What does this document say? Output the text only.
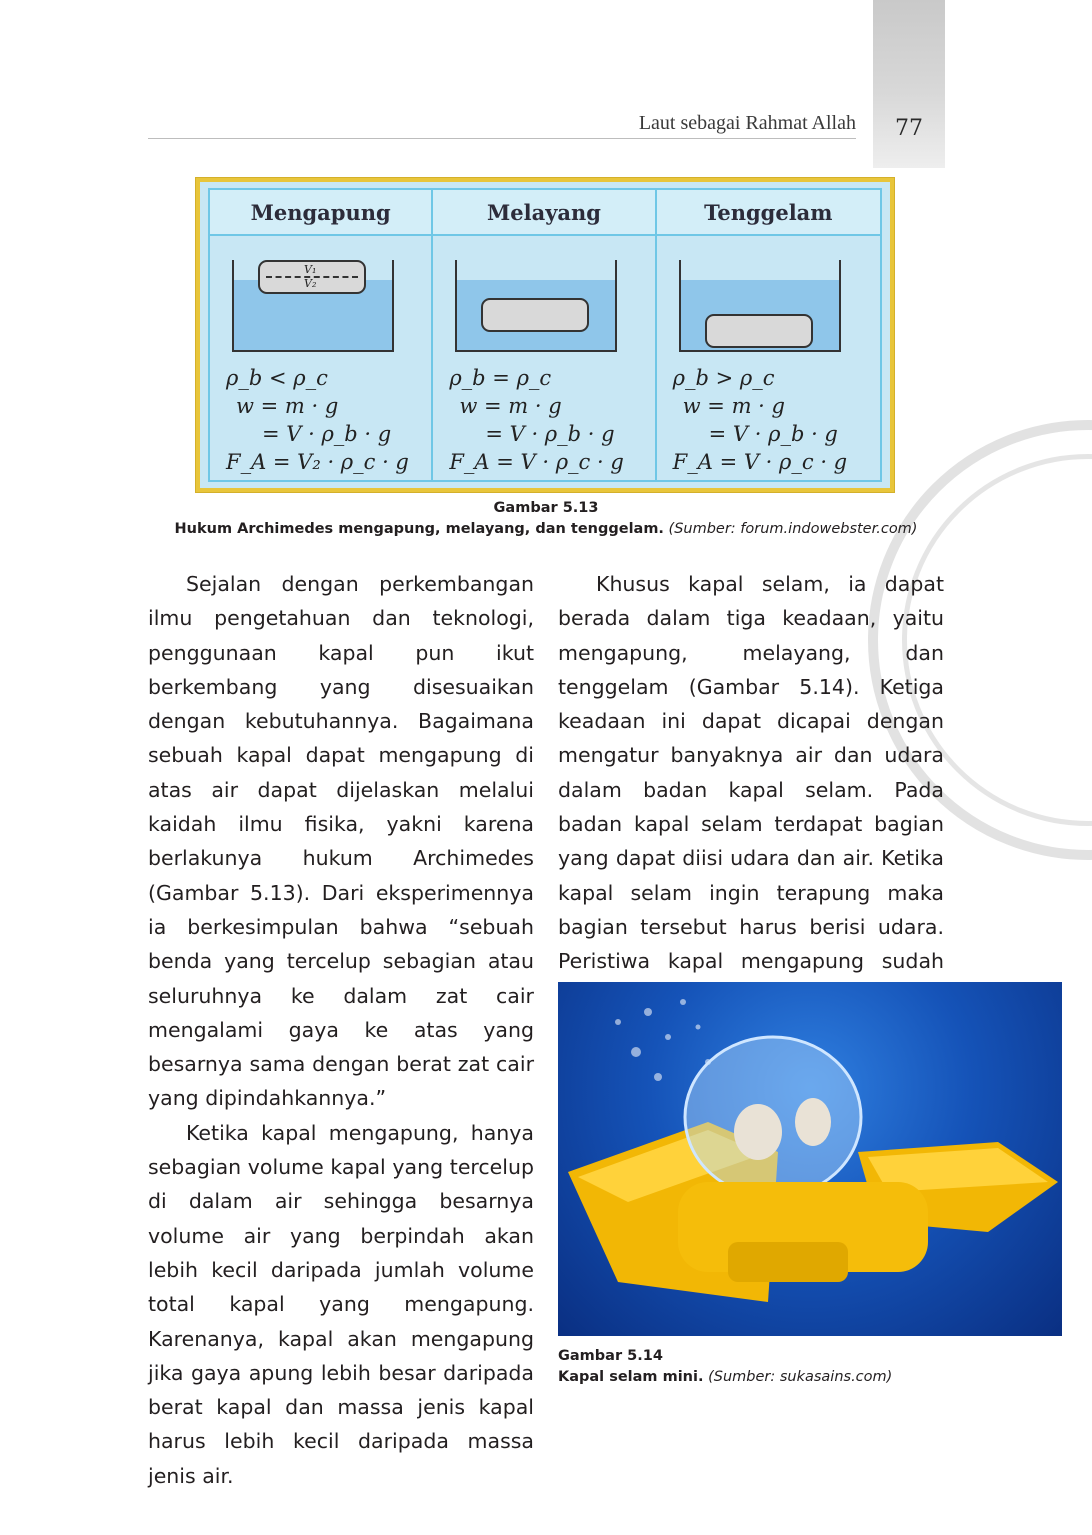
77
Laut sebagai Rahmat Allah
Mengapung	Melayang	Tenggelam
V₁
V₂
ρ_b < ρ_c
w = m · g
= V · ρ_b · g
F_A = V₂ · ρ_c · g
ρ_b = ρ_c
w = m · g
= V · ρ_b · g
F_A = V · ρ_c · g
ρ_b > ρ_c
w = m · g
= V · ρ_b · g
F_A = V · ρ_c · g
Gambar 5.13
Hukum Archimedes mengapung, melayang, dan tenggelam. (Sumber: forum.indowebster.com)

Sejalan dengan perkembangan ilmu pengetahuan dan teknologi, penggunaan kapal pun ikut berkembang yang disesuaikan dengan kebutuhannya. Bagaimana sebuah kapal dapat mengapung di atas air dapat dijelaskan melalui kaidah ilmu fisika, yakni karena berlakunya hukum Archimedes (Gambar 5.13). Dari eksperimennya ia berkesimpulan bahwa “sebuah benda yang tercelup sebagian atau seluruhnya ke dalam zat cair mengalami gaya ke atas yang besarnya sama dengan berat zat cair yang dipindahkannya.”

Ketika kapal mengapung, hanya sebagian volume kapal yang tercelup di dalam air sehingga besarnya volume air yang berpindah akan lebih kecil daripada jumlah volume total kapal yang mengapung. Karenanya, kapal akan mengapung jika gaya apung lebih besar daripada berat kapal dan massa jenis kapal harus lebih kecil daripada massa jenis air.

Khusus kapal selam, ia dapat berada dalam tiga keadaan, yaitu mengapung, melayang, dan tenggelam (Gambar 5.14). Ketiga keadaan ini dapat dicapai dengan mengatur banyaknya air dan udara dalam badan kapal selam. Pada badan kapal selam terdapat bagian yang dapat diisi udara dan air. Ketika kapal selam ingin terapung maka bagian tersebut harus berisi udara. Peristiwa kapal mengapung sudah

Gambar 5.14
Kapal selam mini. (Sumber: sukasains.com)
